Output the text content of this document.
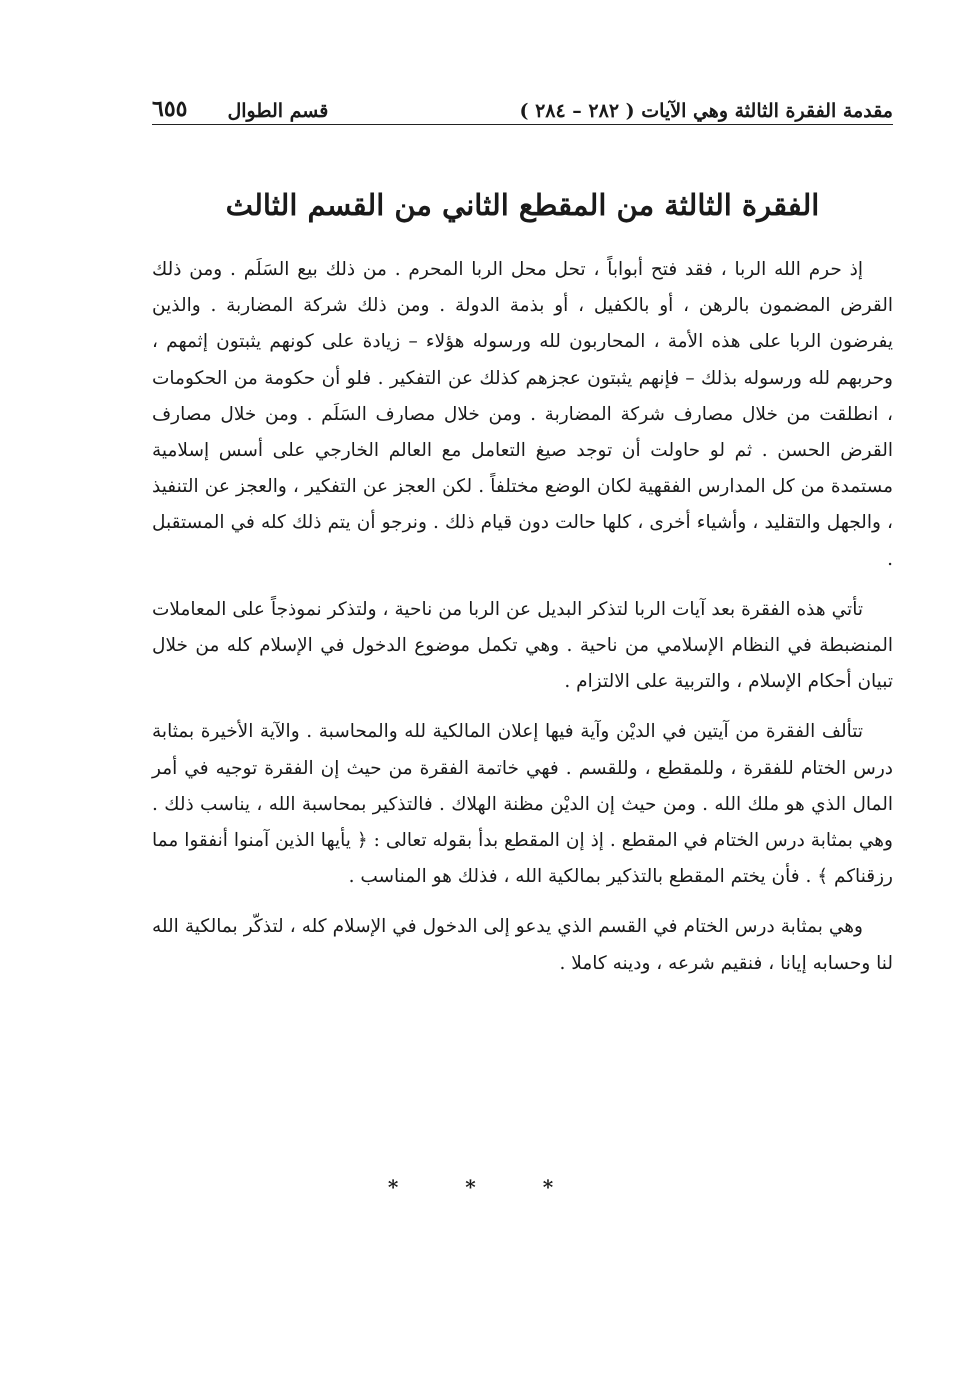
مقدمة الفقرة الثالثة وهي الآيات ( ٢٨٢ – ٢٨٤ )
قسم الطوال
٦٥٥
الفقرة الثالثة من المقطع الثاني من القسم الثالث

إذ حرم الله الربا ، فقد فتح أبواباً ، تحل محل الربا المحرم . من ذلك بيع السَلَم . ومن ذلك القرض المضمون بالرهن ، أو بالكفيل ، أو بذمة الدولة . ومن ذلك شركة المضاربة . والذين يفرضون الربا على هذه الأمة ، المحاربون لله ورسوله هؤلاء – زيادة على كونهم يثبتون إثمهم ، وحربهم لله ورسوله بذلك – فإنهم يثبتون عجزهم كذلك عن التفكير . فلو أن حكومة من الحكومات ، انطلقت من خلال مصارف شركة المضاربة . ومن خلال مصارف السَلَم . ومن خلال مصارف القرض الحسن . ثم لو حاولت أن توجد صيغ التعامل مع العالم الخارجي على أسس إسلامية مستمدة من كل المدارس الفقهية لكان الوضع مختلفاً . لكن العجز عن التفكير ، والعجز عن التنفيذ ، والجهل والتقليد ، وأشياء أخرى ، كلها حالت دون قيام ذلك . ونرجو أن يتم ذلك كله في المستقبل .

تأتي هذه الفقرة بعد آيات الربا لتذكر البديل عن الربا من ناحية ، ولتذكر نموذجاً على المعاملات المنضبطة في النظام الإسلامي من ناحية . وهي تكمل موضوع الدخول في الإسلام كله من خلال تبيان أحكام الإسلام ، والتربية على الالتزام .

تتألف الفقرة من آيتين في الديْن وآية فيها إعلان المالكية لله والمحاسبة . والآية الأخيرة بمثابة درس الختام للفقرة ، وللمقطع ، وللقسم . فهي خاتمة الفقرة من حيث إن الفقرة توجيه في أمر المال الذي هو ملك الله . ومن حيث إن الديْن مظنة الهلاك . فالتذكير بمحاسبة الله ، يناسب ذلك . وهي بمثابة درس الختام في المقطع . إذ إن المقطع بدأ بقوله تعالى : ﴿ يأيها الذين آمنوا أنفقوا مما رزقناكم ﴾ . فأن يختم المقطع بالتذكير بمالكية الله ، فذلك هو المناسب .

وهي بمثابة درس الختام في القسم الذي يدعو إلى الدخول في الإسلام كله ، لتذكّر بمالكية الله لنا وحسابه إيانا ، فنقيم شرعه ، ودينه كاملا .

* * *
